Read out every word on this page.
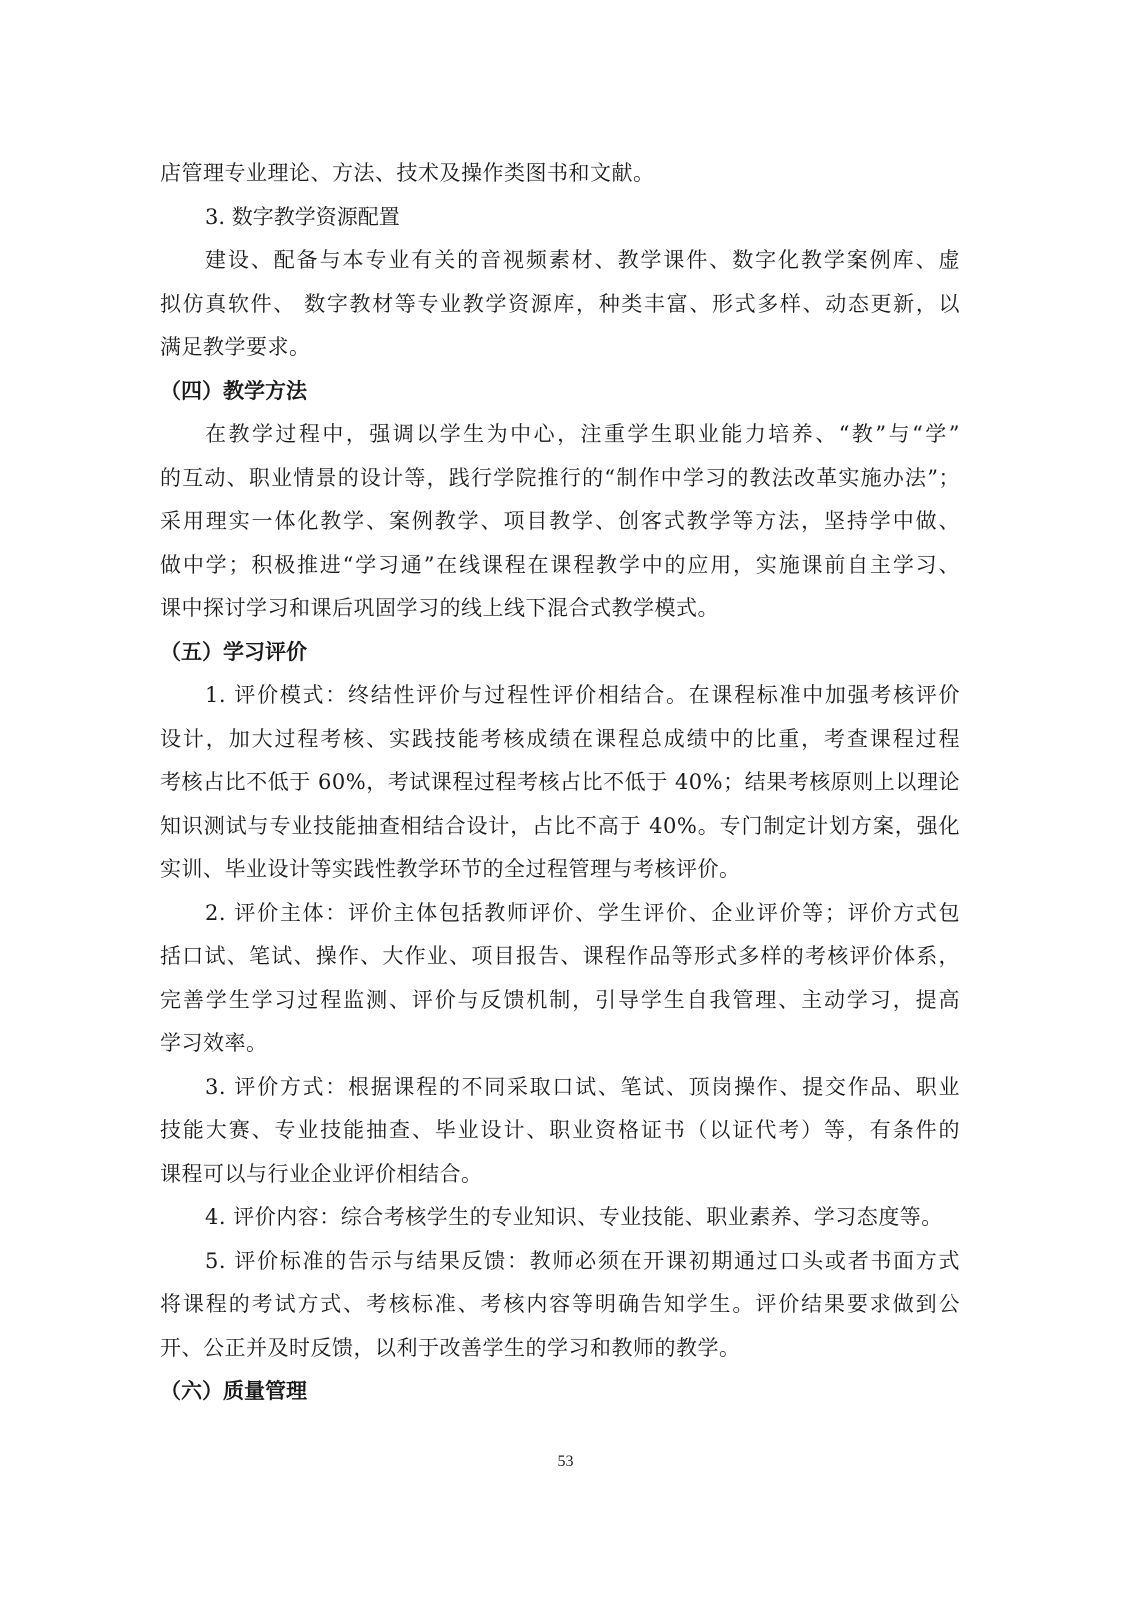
店管理专业理论、方法、技术及操作类图书和文献。
3. 数字教学资源配置
建设、配备与本专业有关的音视频素材、教学课件、数字化教学案例库、虚
拟仿真软件、 数字教材等专业教学资源库，种类丰富、形式多样、动态更新，以
满足教学要求。
（四）教学方法
在教学过程中，强调以学生为中心，注重学生职业能力培养、“教”与“学”
的互动、职业情景的设计等，践行学院推行的“制作中学习的教法改革实施办法”；
采用理实一体化教学、案例教学、项目教学、创客式教学等方法，坚持学中做、
做中学；积极推进“学习通”在线课程在课程教学中的应用，实施课前自主学习、
课中探讨学习和课后巩固学习的线上线下混合式教学模式。
（五）学习评价
1. 评价模式：终结性评价与过程性评价相结合。在课程标准中加强考核评价
设计，加大过程考核、实践技能考核成绩在课程总成绩中的比重，考查课程过程
考核占比不低于 60%，考试课程过程考核占比不低于 40%；结果考核原则上以理论
知识测试与专业技能抽查相结合设计，占比不高于 40%。专门制定计划方案，强化
实训、毕业设计等实践性教学环节的全过程管理与考核评价。
2. 评价主体：评价主体包括教师评价、学生评价、企业评价等；评价方式包
括口试、笔试、操作、大作业、项目报告、课程作品等形式多样的考核评价体系，
完善学生学习过程监测、评价与反馈机制，引导学生自我管理、主动学习，提高
学习效率。
3. 评价方式：根据课程的不同采取口试、笔试、顶岗操作、提交作品、职业
技能大赛、专业技能抽查、毕业设计、职业资格证书（以证代考）等，有条件的
课程可以与行业企业评价相结合。
4. 评价内容：综合考核学生的专业知识、专业技能、职业素养、学习态度等。
5. 评价标准的告示与结果反馈：教师必须在开课初期通过口头或者书面方式
将课程的考试方式、考核标准、考核内容等明确告知学生。评价结果要求做到公
开、公正并及时反馈，以利于改善学生的学习和教师的教学。
（六）质量管理
53
